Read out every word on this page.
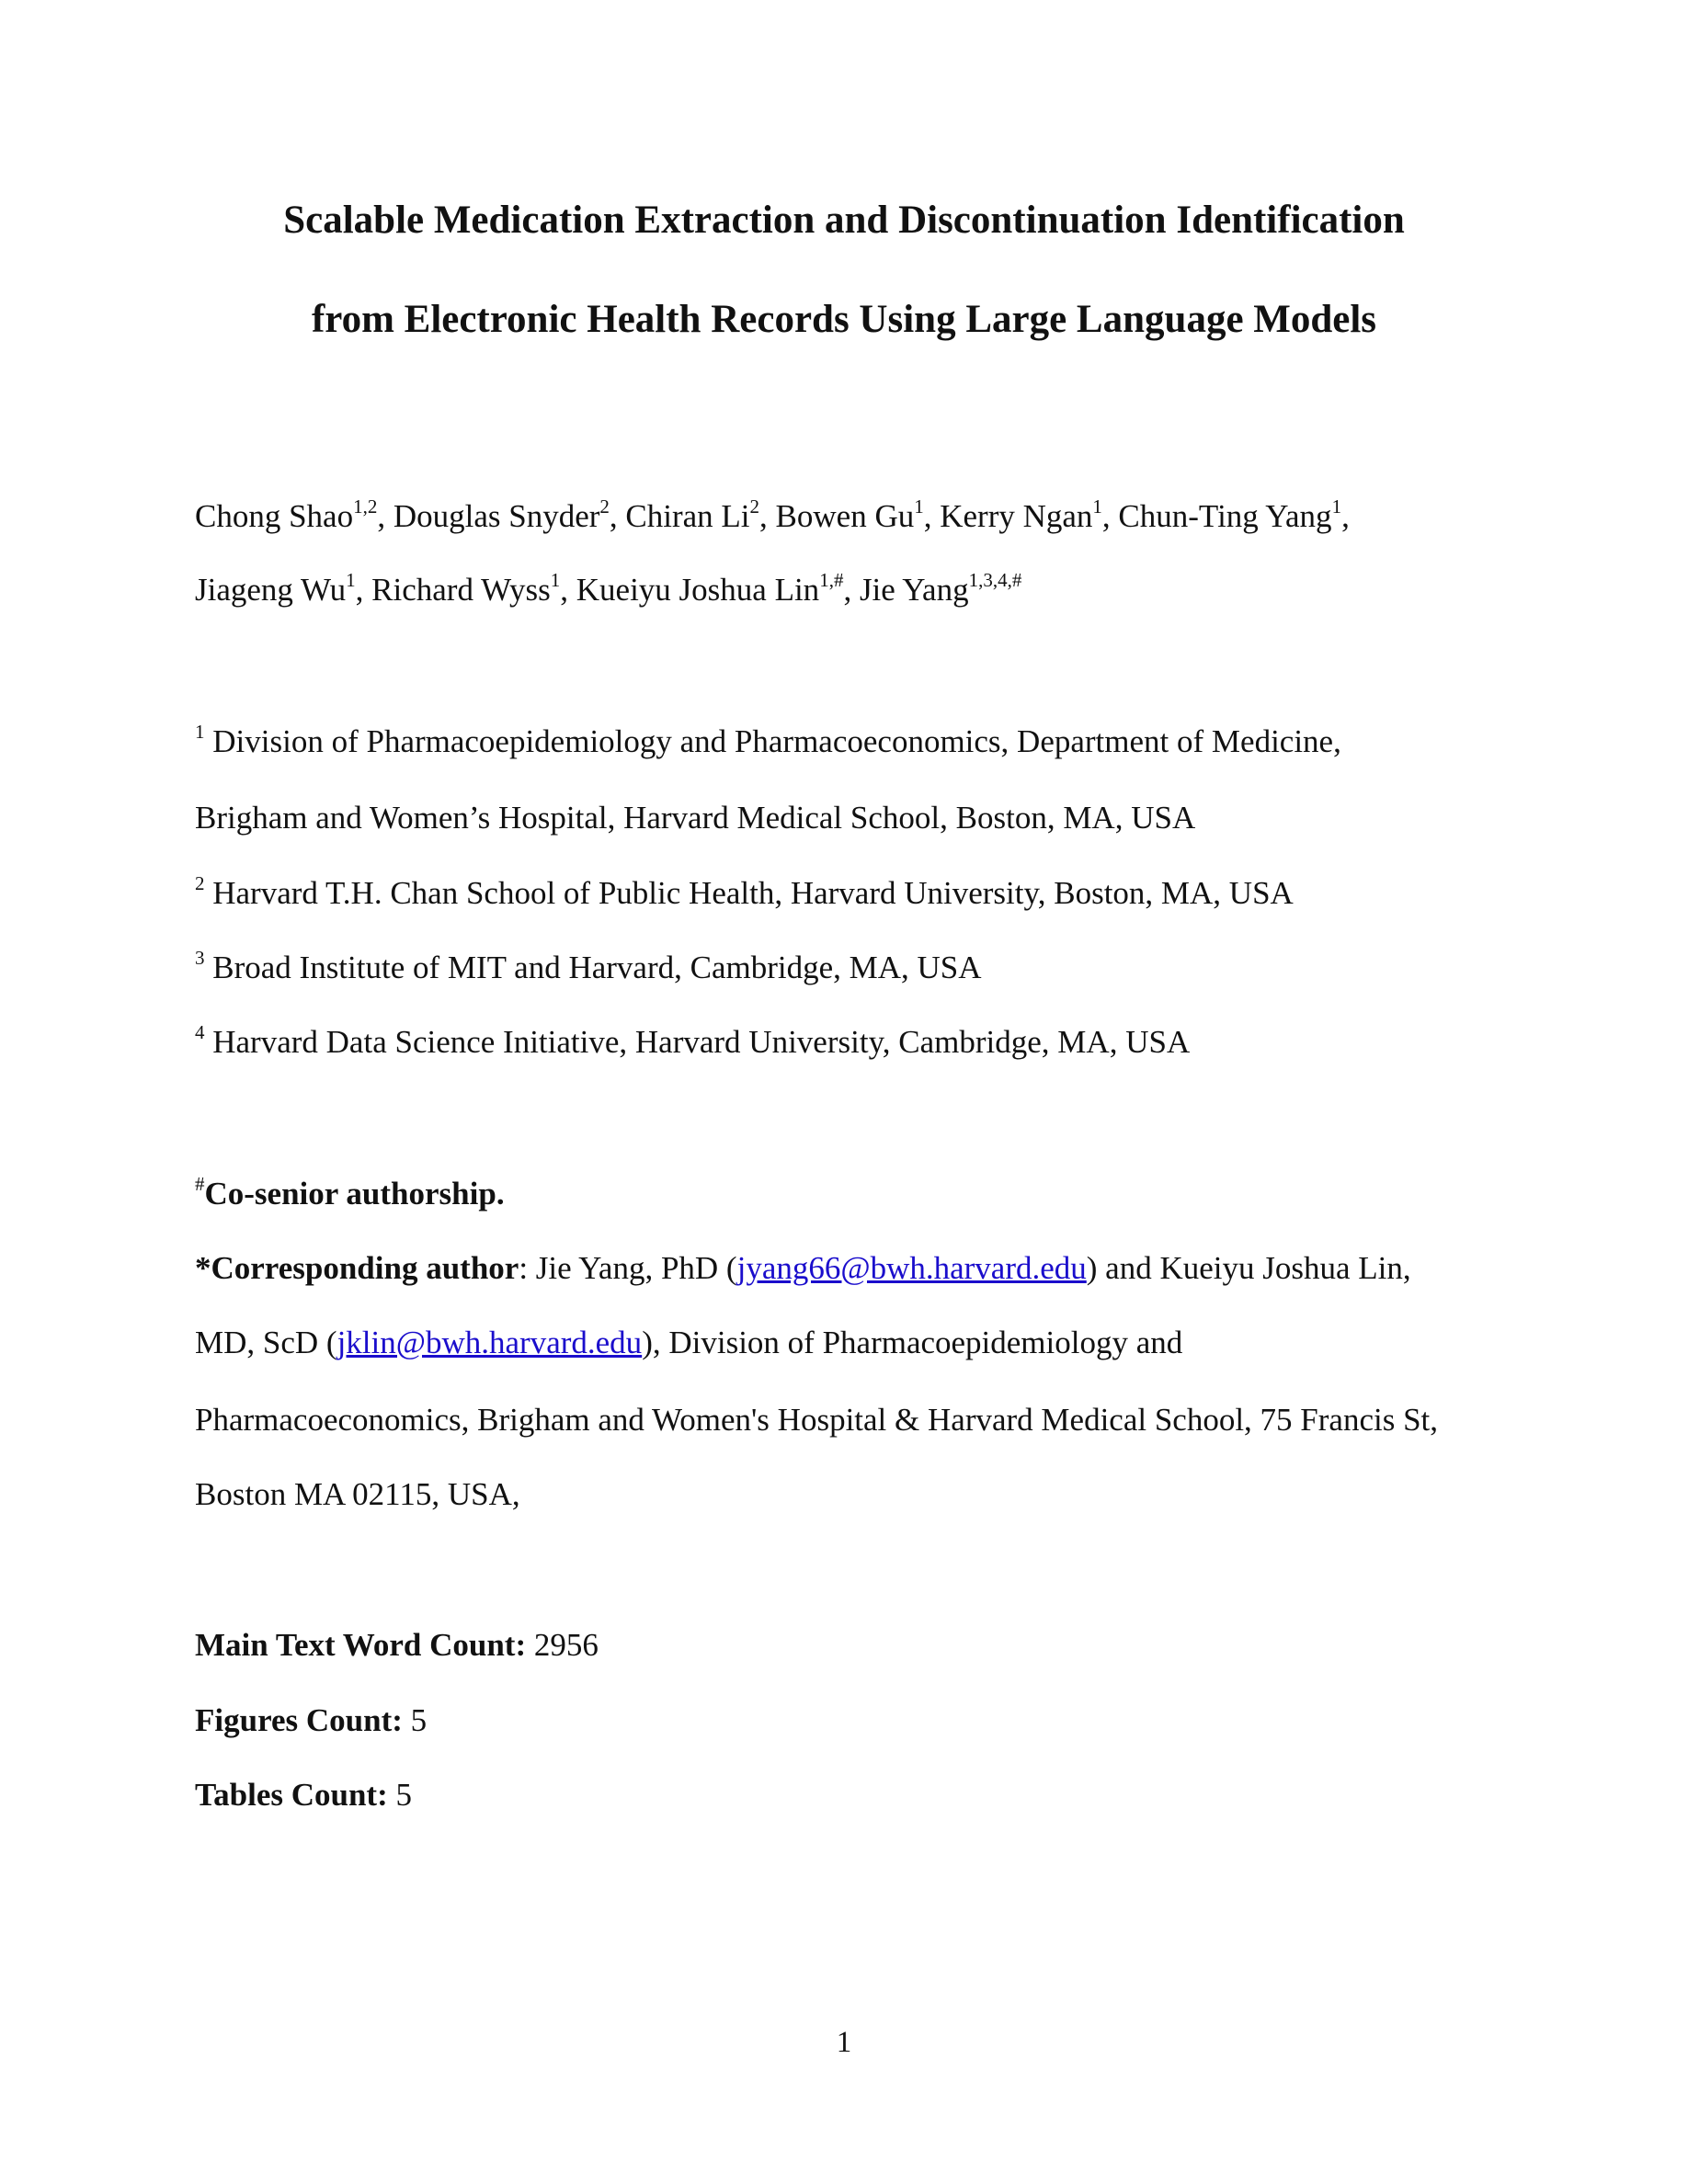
Scalable Medication Extraction and Discontinuation Identification
from Electronic Health Records Using Large Language Models
Chong Shao$^{1,2}$, Douglas Snyder$^2$, Chiran Li$^2$, Bowen Gu$^1$, Kerry Ngan$^1$, Chun-Ting Yang$^1$,
Jiageng Wu$^1$, Richard Wyss$^1$, Kueiyu Joshua Lin$^{1,\#}$, Jie Yang$^{1,3,4,\#}$
$^1$ Division of Pharmacoepidemiology and Pharmacoeconomics, Department of Medicine,
Brigham and Women’s Hospital, Harvard Medical School, Boston, MA, USA
$^2$ Harvard T.H. Chan School of Public Health, Harvard University, Boston, MA, USA
$^3$ Broad Institute of MIT and Harvard, Cambridge, MA, USA
$^4$ Harvard Data Science Initiative, Harvard University, Cambridge, MA, USA
#Co-senior authorship.
*Corresponding author: Jie Yang, PhD (jyang66@bwh.harvard.edu) and Kueiyu Joshua Lin,
MD, ScD (jklin@bwh.harvard.edu), Division of Pharmacoepidemiology and
Pharmacoeconomics, Brigham and Women's Hospital & Harvard Medical School, 75 Francis St,
Boston MA 02115, USA,
Main Text Word Count: 2956
Figures Count: 5
Tables Count: 5
1
